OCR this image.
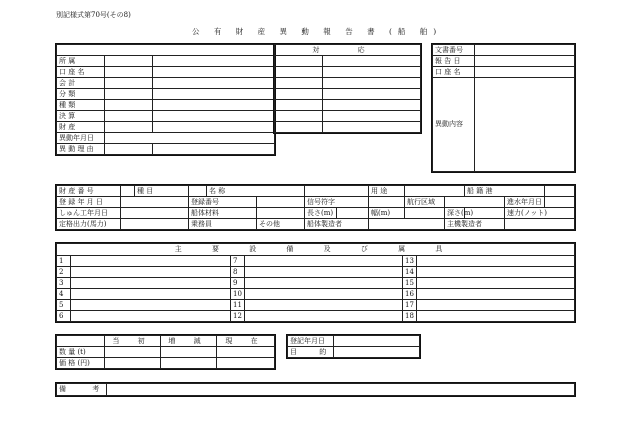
別記様式第70号(その8)
公 有 財 産 異 動 報 告 書 (船 舶)

所 属		
口 座 名		
会 計		
分 類		
種 類		
決 算		
財 産		
異動年月日		
異 動 理 由		
対 応	

		文書番号	
報 告 日	
口 座 名	
異動内容	
財 産 番 号		種 目		名 称				用 途			船 籍 港		
登 録 年 月 日			登録番号			信号符字			航行区域			進水年月日	
しゅん工年月日			船体材料			長さ(m)		幅(m)		深さ(m)		速力(ノット)	
定格出力(馬力)			乗務員		その他	船体製造者				主機製造者			
主 要 設 備 及 び 属 具					
1		7		13	
2		8		14	
3		9		15	
4		10		16	
5		11		17	
6		12		18	
	当 初	増 減	現 在
数 量 (t)			
価 格 (円)			
登記年月日	
目 的	
備 考	
